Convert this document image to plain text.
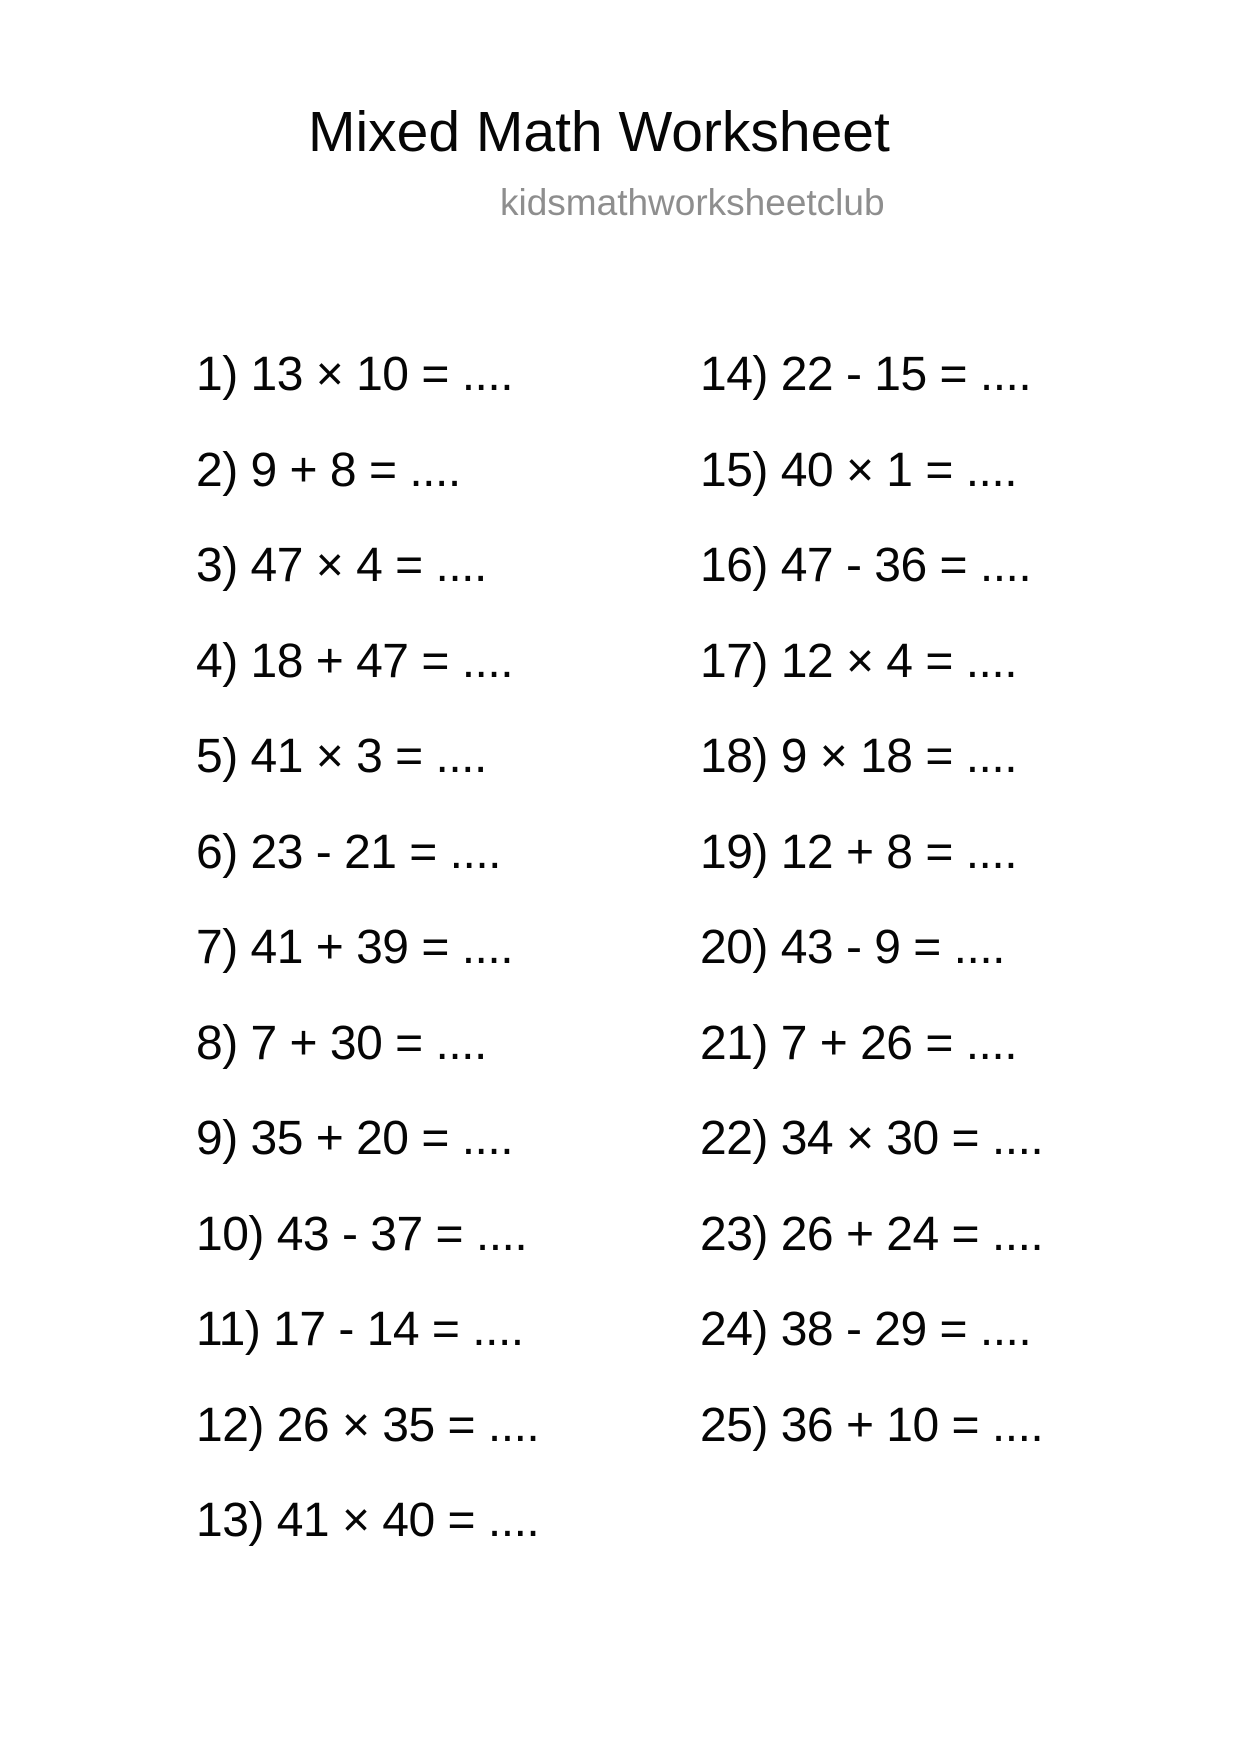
Mixed Math Worksheet
kidsmathworksheetclub
1) 13 × 10 = ....
2) 9 + 8 = ....
3) 47 × 4 = ....
4) 18 + 47 = ....
5) 41 × 3 = ....
6) 23 - 21 = ....
7) 41 + 39 = ....
8) 7 + 30 = ....
9) 35 + 20 = ....
10) 43 - 37 = ....
11) 17 - 14 = ....
12) 26 × 35 = ....
13) 41 × 40 = ....
14) 22 - 15 = ....
15) 40 × 1 = ....
16) 47 - 36 = ....
17) 12 × 4 = ....
18) 9 × 18 = ....
19) 12 + 8 = ....
20) 43 - 9 = ....
21) 7 + 26 = ....
22) 34 × 30 = ....
23) 26 + 24 = ....
24) 38 - 29 = ....
25) 36 + 10 = ....
